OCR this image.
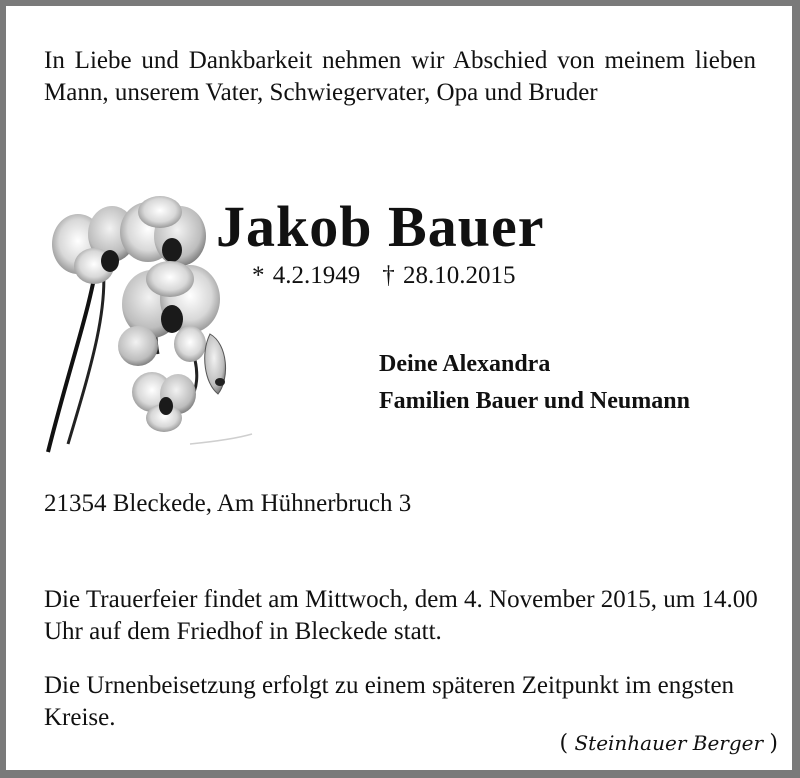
In Liebe und Dankbarkeit nehmen wir Abschied von meinem lieben Mann, unserem Vater, Schwiegervater, Opa und Bruder

Jakob Bauer

* 4.2.1949 † 28.10.2015

Deine Alexandra

Familien Bauer und Neumann

21354 Bleckede, Am Hühnerbruch 3

Die Trauerfeier findet am Mittwoch, dem 4. November 2015, um 14.00 Uhr auf dem Friedhof in Bleckede statt.

Die Urnenbeisetzung erfolgt zu einem späteren Zeitpunkt im engsten Kreise.

( Steinhauer Berger )
